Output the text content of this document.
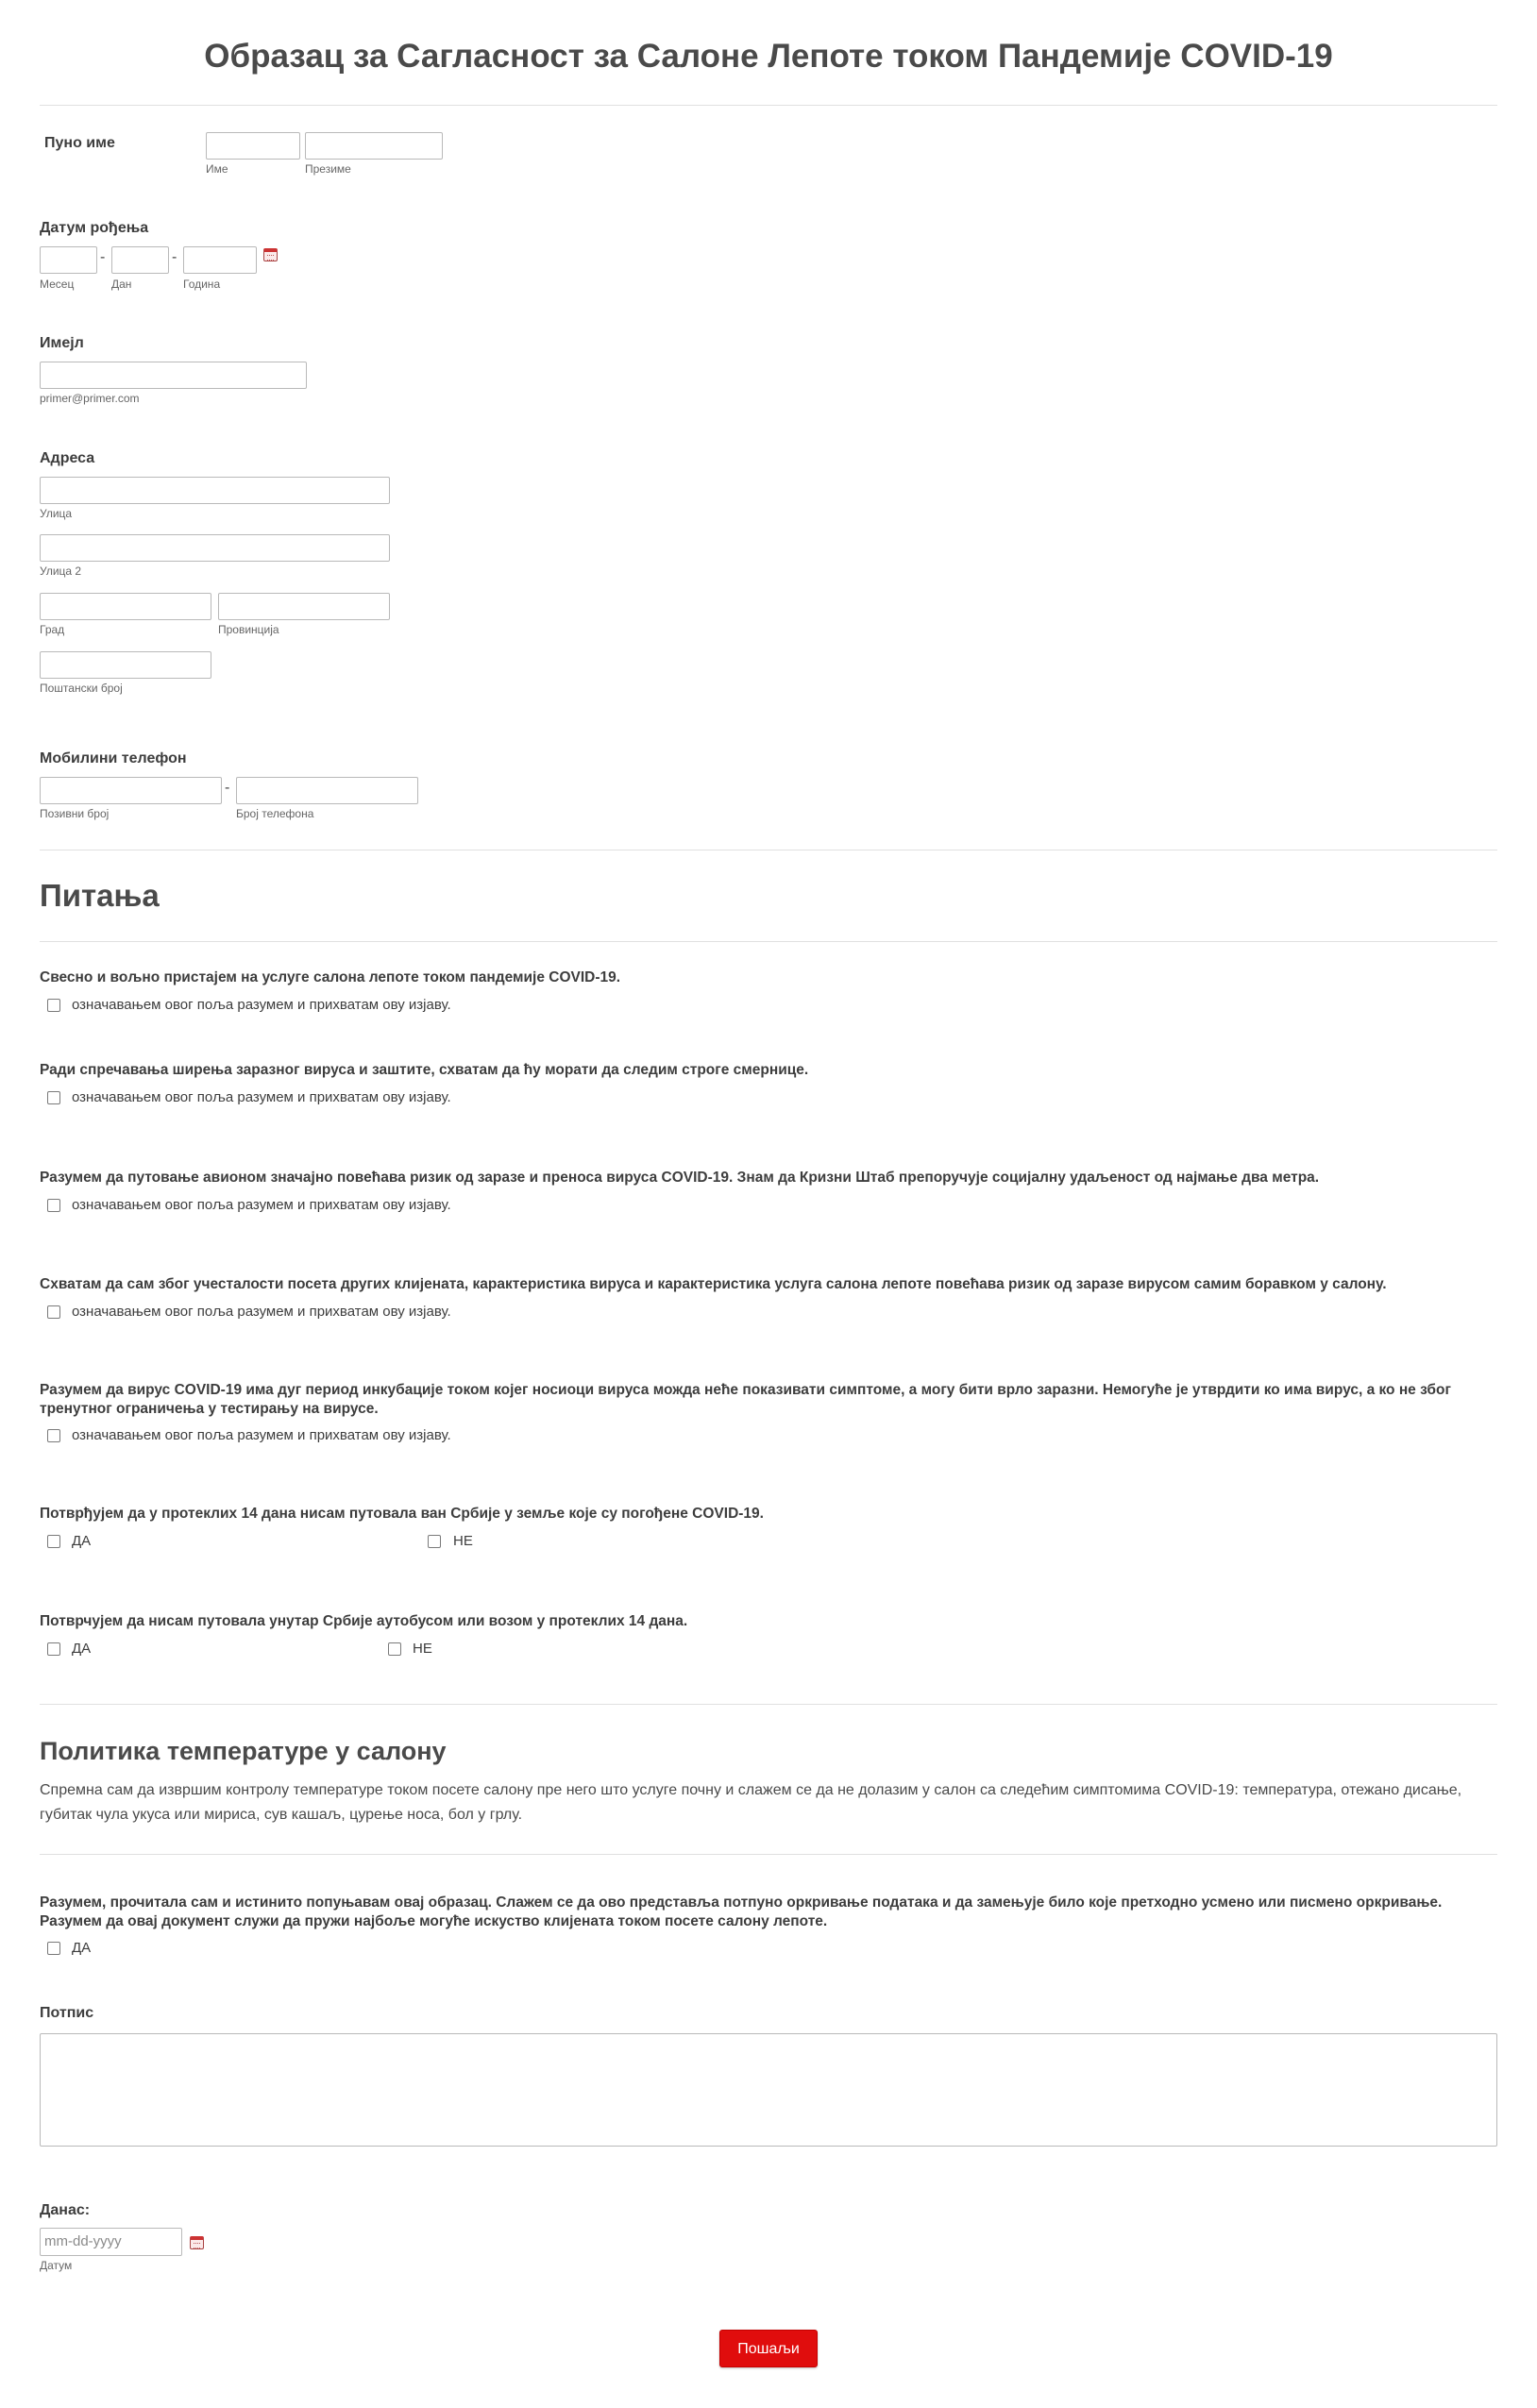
Образац за Сагласност за Салоне Лепоте током Пандемије COVID-19
Пуно име
Име	Презиме
Датум рођења
-	-
Месец	Дан	Година
Имејл
primer@primer.com
Адреса
Улица
Улица 2
Град	Провинција
Поштански број
Мобилини телефон
-
Позивни број	Број телефона
Питања
Свесно и вољно пристајем на услуге салона лепоте током пандемије COVID-19.
означавањем овог поља разумем и прихватам ову изјаву.
Ради спречавања ширења заразног вируса и заштите, схватам да ћу морати да следим строге смернице.
означавањем овог поља разумем и прихватам ову изјаву.
Разумем да путовање авионом значајно повећава ризик од заразе и преноса вируса COVID-19. Знам да Кризни Штаб препоручује социјалну удаљеност од најмање два метра.
означавањем овог поља разумем и прихватам ову изјаву.
Схватам да сам због учесталости посета других клијената, карактеристика вируса и карактеристика услуга салона лепоте повећава ризик од заразе вирусом самим боравком у салону.
означавањем овог поља разумем и прихватам ову изјаву.
Разумем да вирус COVID-19 има дуг период инкубације током којег носиоци вируса можда неће показивати симптоме, а могу бити врло заразни. Немогуће је утврдити ко има вирус, а ко не због тренутног ограничења у тестирању на вирусе.
означавањем овог поља разумем и прихватам ову изјаву.
Потврђујем да у протеклих 14 дана нисам путовала ван Србије у земље које су погођене COVID-19.
ДА	НЕ
Потврчујем да нисам путовала унутар Србије аутобусом или возом у протеклих 14 дана.
ДА	НЕ
Политика температуре у салону
Спремна сам да извршим контролу температуре током посете салону пре него што услуге почну и слажем се да не долазим у салон са следећим симптомима COVID-19: температура, отежано дисање, губитак чула укуса или мириса, сув кашаљ, цурење носа, бол у грлу.
Разумем, прочитала сам и истинито попуњавам овај образац. Слажем се да ово представља потпуно оркривање података и да замењује било које претходно усмено или писмено оркривање. Разумем да овај документ служи да пружи најбоље могуће искуство клијената током посете салону лепоте.
ДА
Потпис
Данас:
mm-dd-yyyy
Датум
Пошаљи
